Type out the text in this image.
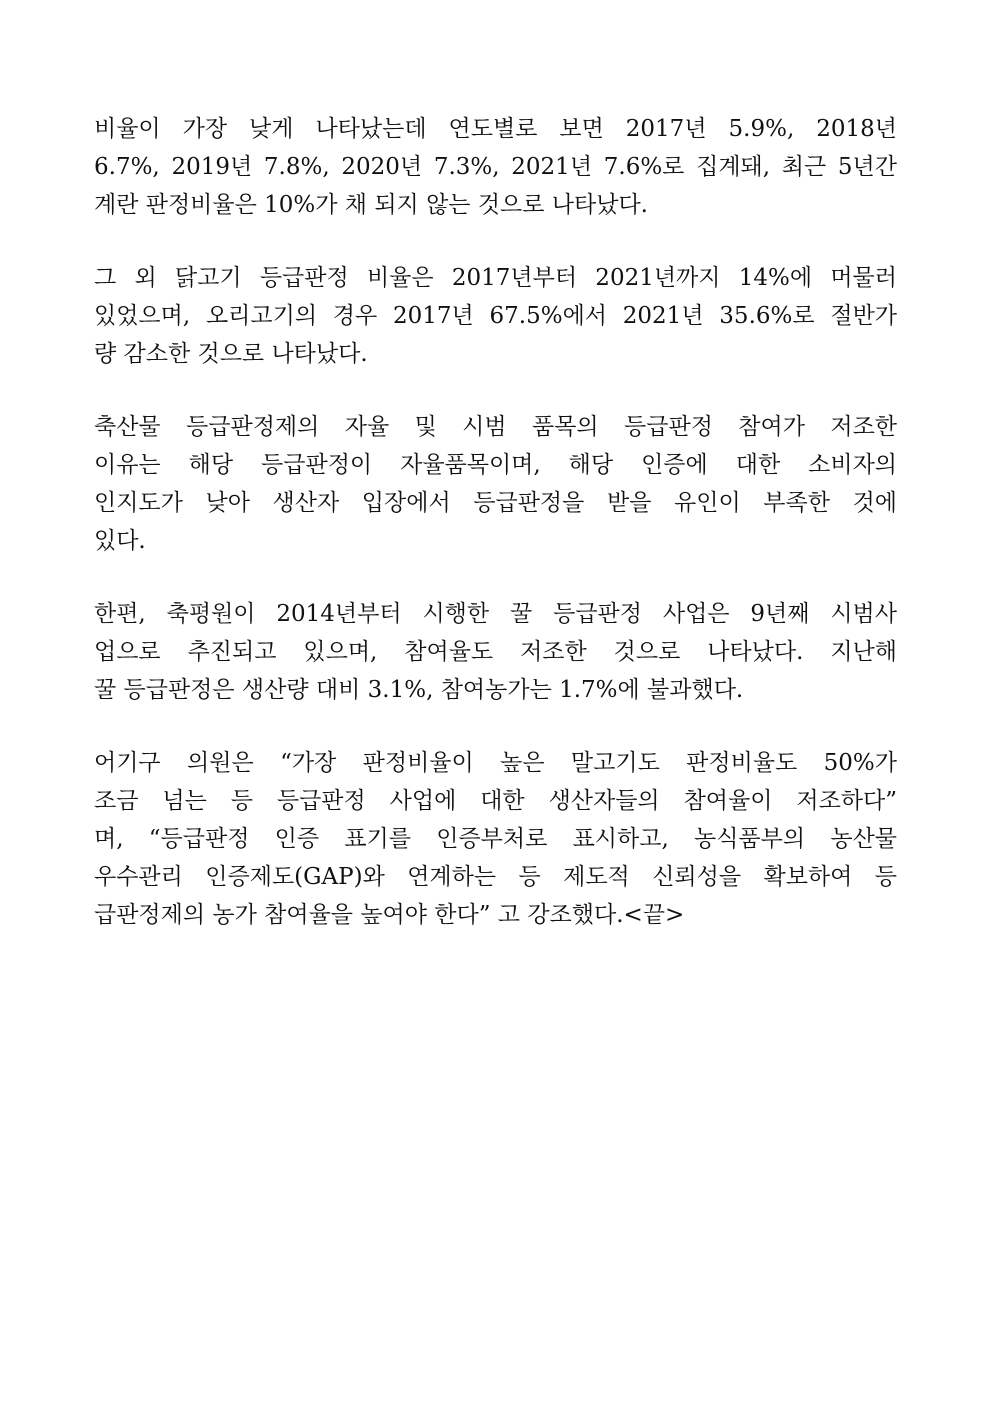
비율이 가장 낮게 나타났는데 연도별로 보면 2017년 5.9%, 2018년
6.7%, 2019년 7.8%, 2020년 7.3%, 2021년 7.6%로 집계돼, 최근 5년간
계란 판정비율은 10%가 채 되지 않는 것으로 나타났다.

그 외 닭고기 등급판정 비율은 2017년부터 2021년까지 14%에 머물러
있었으며, 오리고기의 경우 2017년 67.5%에서 2021년 35.6%로 절반가
량 감소한 것으로 나타났다.

축산물 등급판정제의 자율 및 시범 품목의 등급판정 참여가 저조한
이유는 해당 등급판정이 자율품목이며, 해당 인증에 대한 소비자의
인지도가 낮아 생산자 입장에서 등급판정을 받을 유인이 부족한 것에
있다.

한편, 축평원이 2014년부터 시행한 꿀 등급판정 사업은 9년째 시범사
업으로 추진되고 있으며, 참여율도 저조한 것으로 나타났다. 지난해
꿀 등급판정은 생산량 대비 3.1%, 참여농가는 1.7%에 불과했다.

어기구 의원은 “가장 판정비율이 높은 말고기도 판정비율도 50%가
조금 넘는 등 등급판정 사업에 대한 생산자들의 참여율이 저조하다”
며, “등급판정 인증 표기를 인증부처로 표시하고, 농식품부의 농산물
우수관리 인증제도(GAP)와 연계하는 등 제도적 신뢰성을 확보하여 등
급판정제의 농가 참여율을 높여야 한다” 고 강조했다.<끝>
